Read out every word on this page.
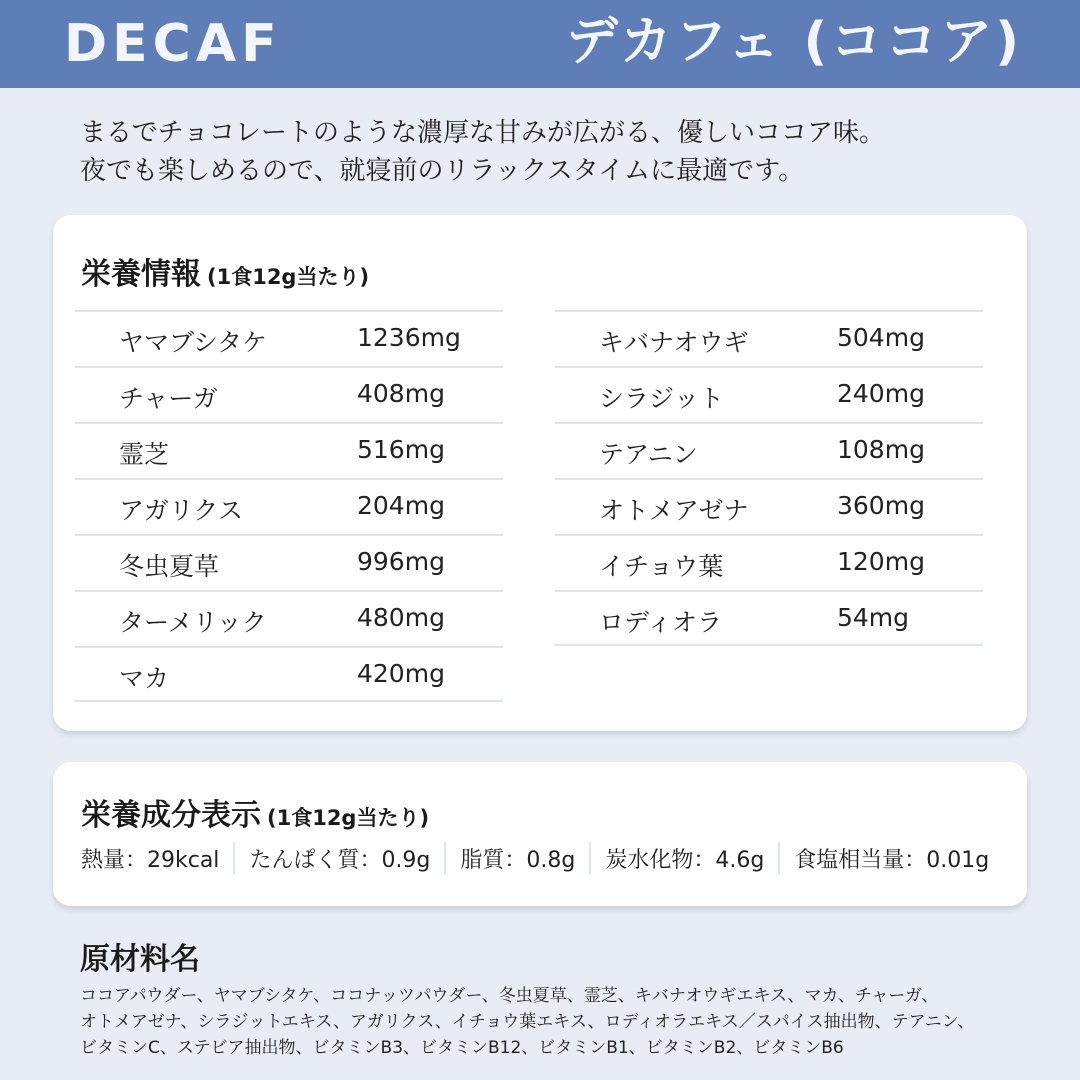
DECAF	デカフェ (ココア)
まるでチョコレートのような濃厚な甘みが広がる、優しいココア味。
夜でも楽しめるので、就寝前のリラックスタイムに最適です。
栄養情報 (1食12g当たり)
ヤマブシタケ	1236mg
チャーガ	408mg
霊芝	516mg
アガリクス	204mg
冬虫夏草	996mg
ターメリック	480mg
マカ	420mg
キバナオウギ	504mg
シラジット	240mg
テアニン	108mg
オトメアゼナ	360mg
イチョウ葉	120mg
ロディオラ	54mg
栄養成分表示 (1食12g当たり)
熱量：29kcal たんぱく質：0.9g 脂質：0.8g 炭水化物：4.6g 食塩相当量：0.01g
原材料名
ココアパウダー、ヤマブシタケ、ココナッツパウダー、冬虫夏草、霊芝、キバナオウギエキス、マカ、チャーガ、
オトメアゼナ、シラジットエキス、アガリクス、イチョウ葉エキス、ロディオラエキス／スパイス抽出物、テアニン、
ビタミンC、ステビア抽出物、ビタミンB3、ビタミンB12、ビタミンB1、ビタミンB2、ビタミンB6
